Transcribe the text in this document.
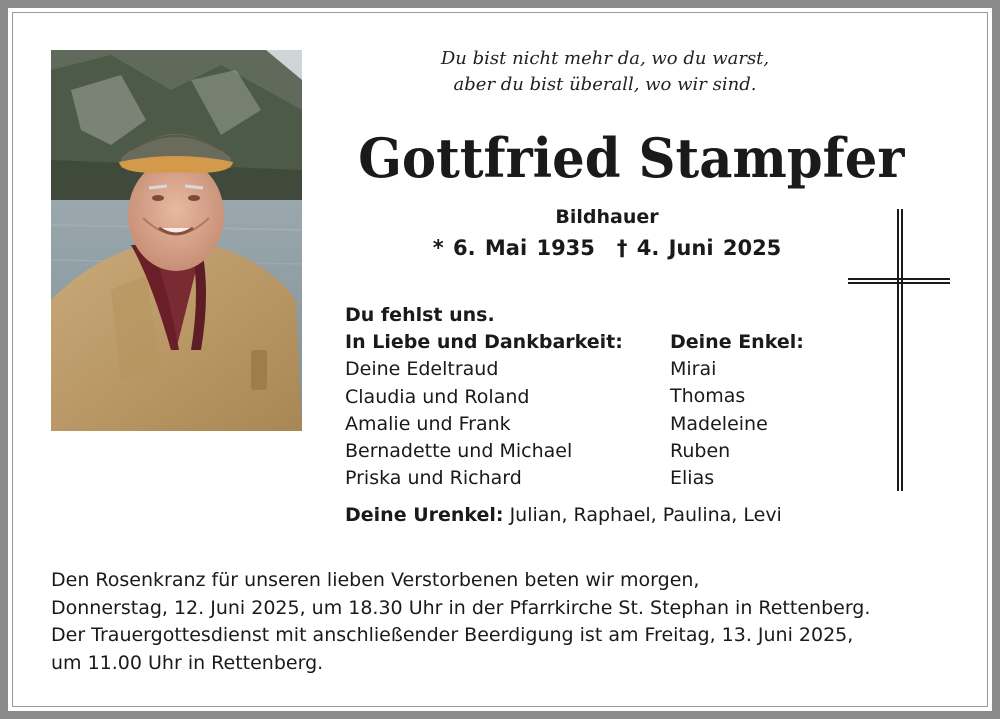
Du bist nicht mehr da, wo du warst,
aber du bist überall, wo wir sind.
Gottfried Stampfer
Bildhauer
* 6. Mai 1935 † 4. Juni 2025
Du fehlst uns.
In Liebe und Dankbarkeit:
Deine Edeltraud
Claudia und Roland
Amalie und Frank
Bernadette und Michael
Priska und Richard
Deine Enkel:
Mirai
Thomas
Madeleine
Ruben
Elias
Deine Urenkel: Julian, Raphael, Paulina, Levi
Den Rosenkranz für unseren lieben Verstorbenen beten wir morgen,
Donnerstag, 12. Juni 2025, um 18.30 Uhr in der Pfarrkirche St. Stephan in Rettenberg.
Der Trauergottesdienst mit anschließender Beerdigung ist am Freitag, 13. Juni 2025,
um 11.00 Uhr in Rettenberg.
